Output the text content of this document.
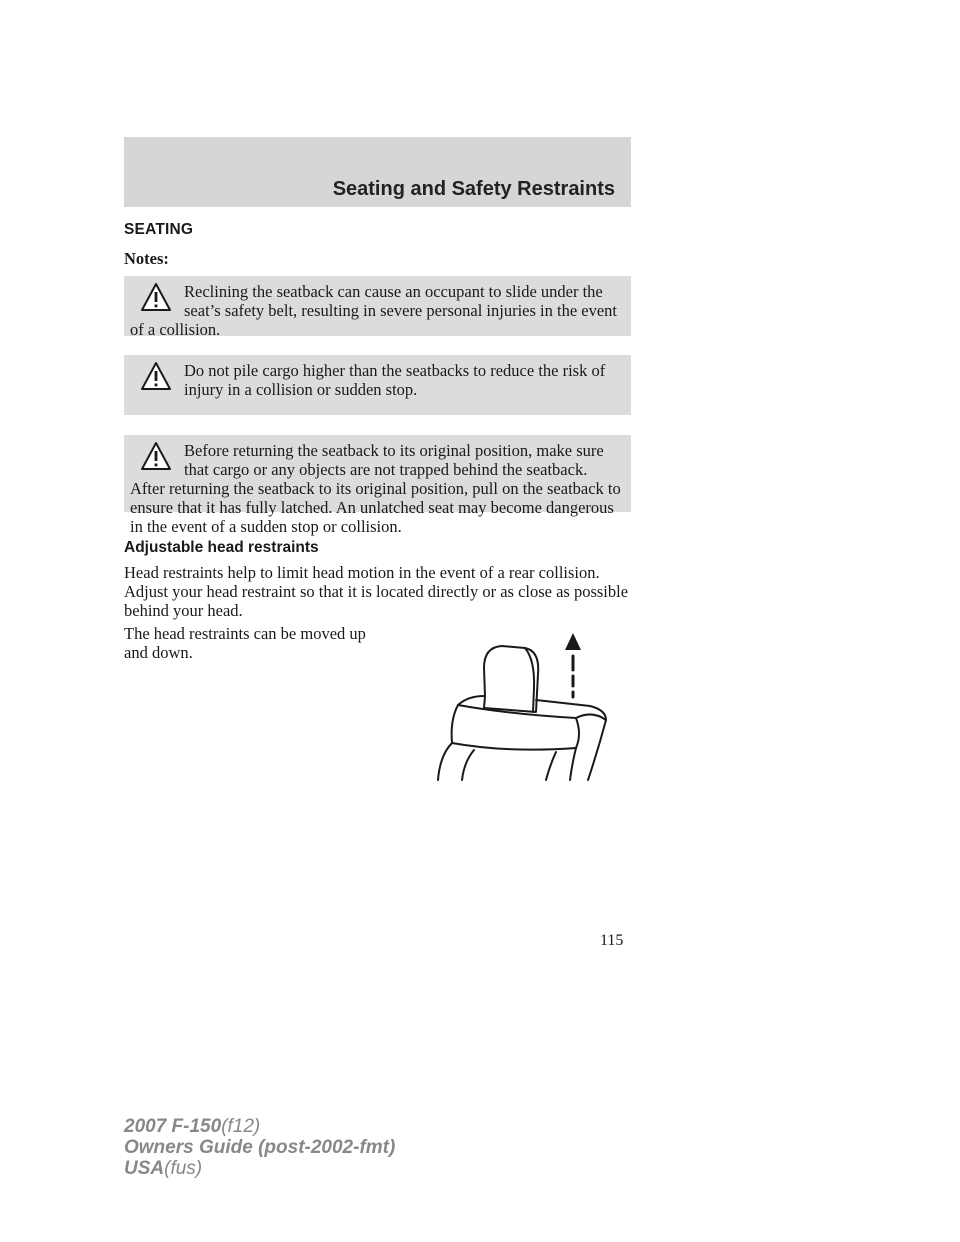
Seating and Safety Restraints
SEATING
Notes:
Reclining the seatback can cause an occupant to slide under the seat’s safety belt, resulting in severe personal injuries in the event of a collision.
Do not pile cargo higher than the seatbacks to reduce the risk of injury in a collision or sudden stop.
Before returning the seatback to its original position, make sure that cargo or any objects are not trapped behind the seatback. After returning the seatback to its original position, pull on the seatback to ensure that it has fully latched. An unlatched seat may become dangerous in the event of a sudden stop or collision.
Adjustable head restraints
Head restraints help to limit head motion in the event of a rear collision. Adjust your head restraint so that it is located directly or as close as possible behind your head.
The head restraints can be moved up and down.
115
2007 F-150(f12)
Owners Guide (post-2002-fmt)
USA(fus)
